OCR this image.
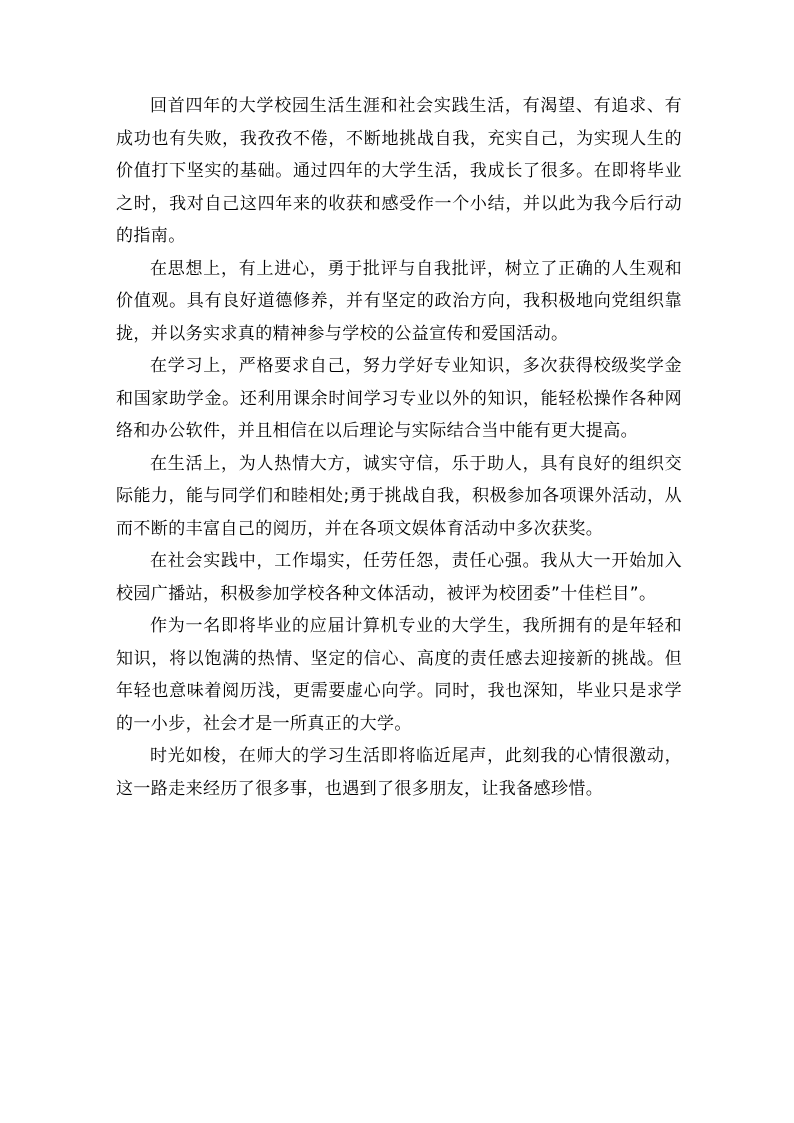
回首四年的大学校园生活生涯和社会实践生活，有渴望、有追求、有成功也有失败，我孜孜不倦，不断地挑战自我，充实自己，为实现人生的价值打下坚实的基础。通过四年的大学生活，我成长了很多。在即将毕业之时，我对自己这四年来的收获和感受作一个小结，并以此为我今后行动的指南。

在思想上，有上进心，勇于批评与自我批评，树立了正确的人生观和价值观。具有良好道德修养，并有坚定的政治方向，我积极地向党组织靠拢，并以务实求真的精神参与学校的公益宣传和爱国活动。

在学习上，严格要求自己，努力学好专业知识，多次获得校级奖学金和国家助学金。还利用课余时间学习专业以外的知识，能轻松操作各种网络和办公软件，并且相信在以后理论与实际结合当中能有更大提高。

在生活上，为人热情大方，诚实守信，乐于助人，具有良好的组织交际能力，能与同学们和睦相处;勇于挑战自我，积极参加各项课外活动，从而不断的丰富自己的阅历，并在各项文娱体育活动中多次获奖。

在社会实践中，工作塌实，任劳任怨，责任心强。我从大一开始加入校园广播站，积极参加学校各种文体活动，被评为校团委”十佳栏目”。

作为一名即将毕业的应届计算机专业的大学生，我所拥有的是年轻和知识，将以饱满的热情、坚定的信心、高度的责任感去迎接新的挑战。但年轻也意味着阅历浅，更需要虚心向学。同时，我也深知，毕业只是求学的一小步，社会才是一所真正的大学。

时光如梭，在师大的学习生活即将临近尾声，此刻我的心情很激动，这一路走来经历了很多事，也遇到了很多朋友，让我备感珍惜。
